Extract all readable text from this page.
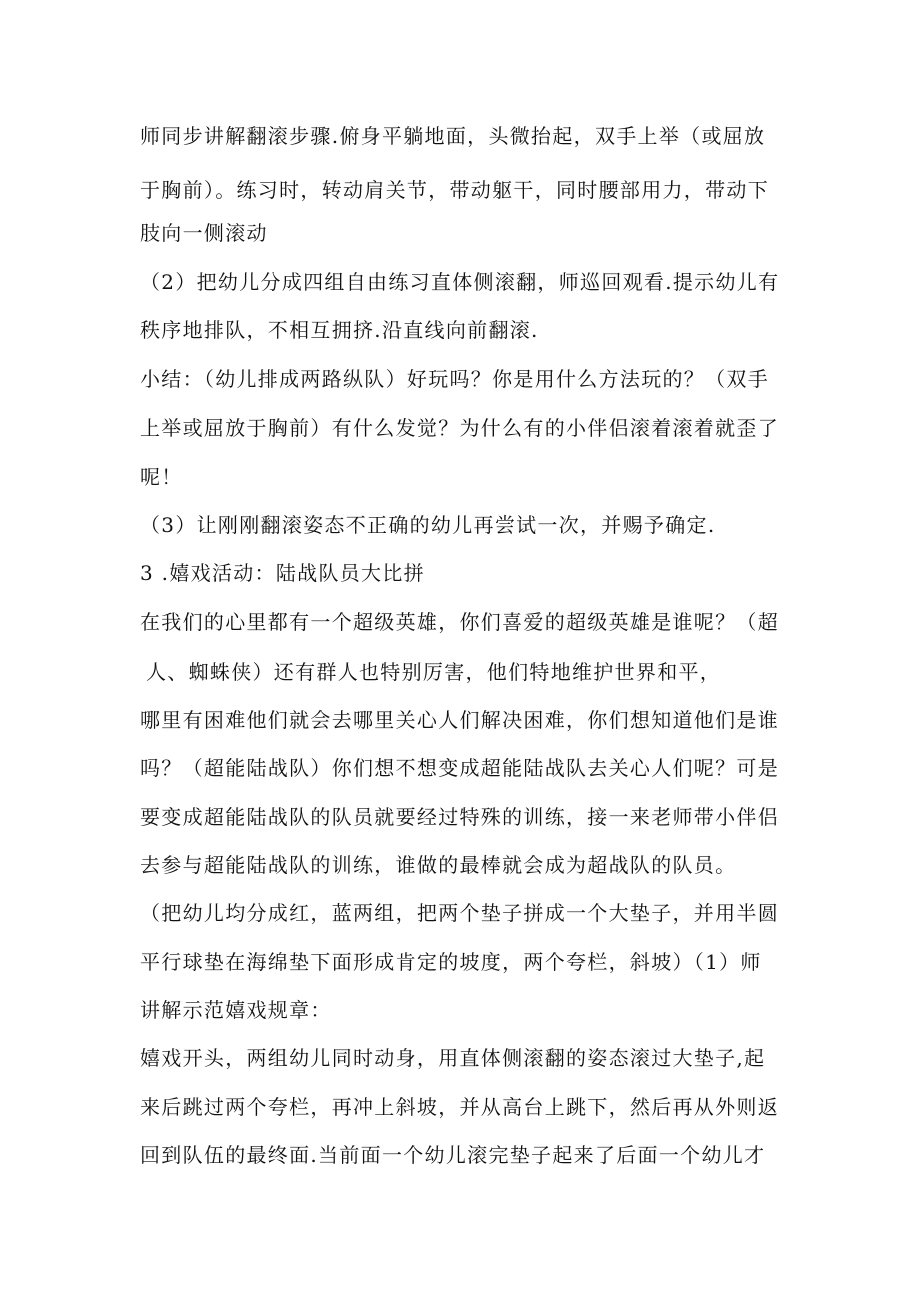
师同步讲解翻滚步骤.俯身平躺地面，头微抬起，双手上举（或屈放
于胸前）。练习时，转动肩关节，带动躯干，同时腰部用力，带动下
肢向一侧滚动
（2）把幼儿分成四组自由练习直体侧滚翻，师巡回观看.提示幼儿有
秩序地排队，不相互拥挤.沿直线向前翻滚.
小结：（幼儿排成两路纵队）好玩吗？你是用什么方法玩的？（双手
上举或屈放于胸前）有什么发觉？为什么有的小伴侣滚着滚着就歪了
呢！
（3）让刚刚翻滚姿态不正确的幼儿再尝试一次，并赐予确定.
3 .嬉戏活动：陆战队员大比拼
在我们的心里都有一个超级英雄，你们喜爱的超级英雄是谁呢？（超
人、蜘蛛侠）还有群人也特别厉害，他们特地维护世界和平，
哪里有困难他们就会去哪里关心人们解决困难，你们想知道他们是谁
吗？（超能陆战队）你们想不想变成超能陆战队去关心人们呢？可是
要变成超能陆战队的队员就要经过特殊的训练，接一来老师带小伴侣
去参与超能陆战队的训练，谁做的最棒就会成为超战队的队员。
（把幼儿均分成红，蓝两组，把两个垫子拼成一个大垫子，并用半圆
平行球垫在海绵垫下面形成肯定的坡度，两个夸栏，斜坡）（1）师
讲解示范嬉戏规章：
嬉戏开头，两组幼儿同时动身，用直体侧滚翻的姿态滚过大垫子,起
来后跳过两个夸栏，再冲上斜坡，并从高台上跳下，然后再从外则返
回到队伍的最终面.当前面一个幼儿滚完垫子起来了后面一个幼儿才
